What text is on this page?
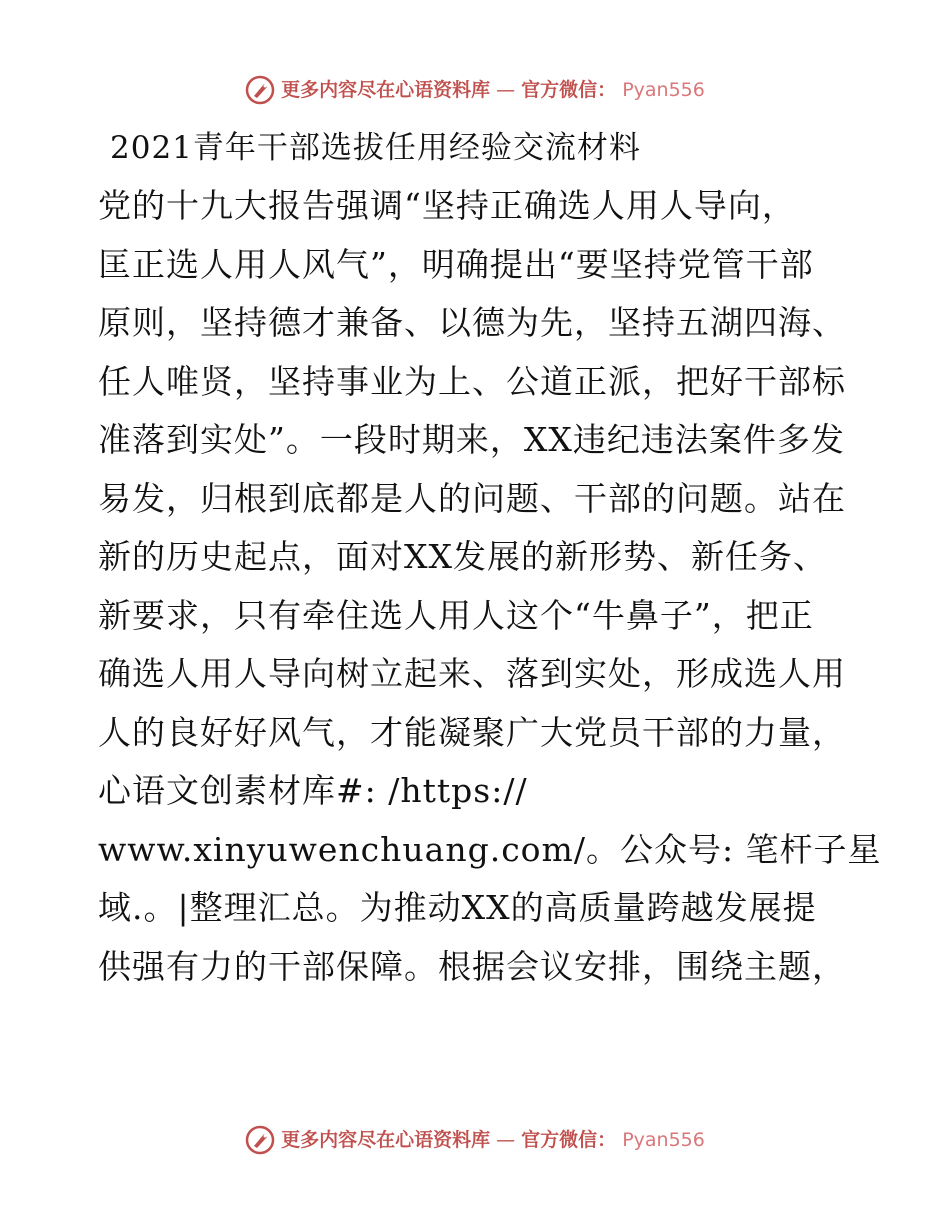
更多内容尽在心语资料库 — 官方微信： Pyan556
2021青年干部选拔任用经验交流材料
党的十九大报告强调“坚持正确选人用人导向，
匡正选人用人风气”，明确提出“要坚持党管干部
原则，坚持德才兼备、以德为先，坚持五湖四海、
任人唯贤，坚持事业为上、公道正派，把好干部标
准落到实处”。一段时期来，XX违纪违法案件多发
易发，归根到底都是人的问题、干部的问题。站在
新的历史起点，面对XX发展的新形势、新任务、
新要求，只有牵住选人用人这个“牛鼻子”，把正
确选人用人导向树立起来、落到实处，形成选人用
人的良好好风气，才能凝聚广大党员干部的力量，
心语文创素材库#: /https://
www.xinyuwenchuang.com/。公众号: 笔杆子星
域.。|整理汇总。为推动XX的高质量跨越发展提
供强有力的干部保障。根据会议安排，围绕主题，
更多内容尽在心语资料库 — 官方微信： Pyan556
